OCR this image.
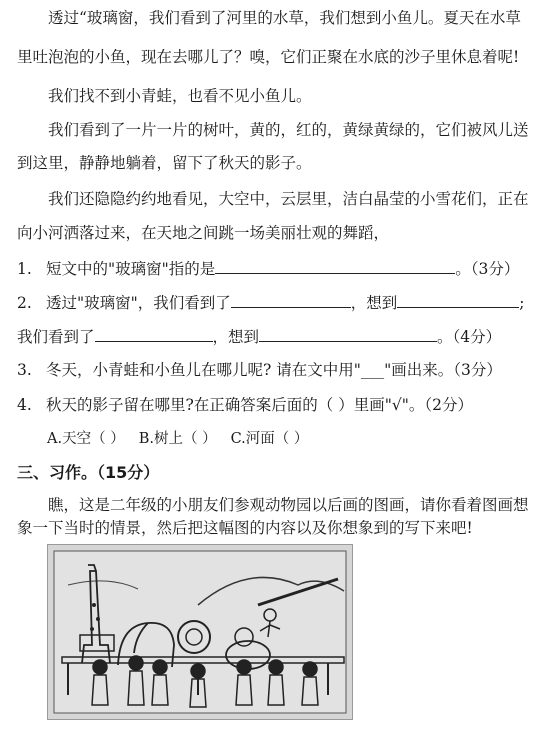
透过“玻璃窗，我们看到了河里的水草，我们想到小鱼儿。夏天在水草
里吐泡泡的小鱼，现在去哪儿了？嗅，它们正聚在水底的沙子里休息着呢!
我们找不到小青蛙，也看不见小鱼儿。
我们看到了一片一片的树叶，黄的，红的，黄绿黄绿的，它们被风儿送
到这里，静静地躺着，留下了秋天的影子。
我们还隐隐约约地看见，大空中，云层里，洁白晶莹的小雪花们，正在
向小河洒落过来，在天地之间跳一场美丽壮观的舞蹈，
1. 短文中的"玻璃窗"指的是	。（3分）
2. 透过"玻璃窗"，我们看到了	，想到	;
我们看到了	，想到	。（4分）
3. 冬天，小青蛙和小鱼儿在哪儿呢? 请在文中用"___"画出来。（3分）
4. 秋天的影子留在哪里?在正确答案后面的（ ）里画"√"。（2分）
A.天空（ ） B.树上（ ） C.河面（ ）
三、习作。（15分）
瞧，这是二年级的小朋友们参观动物园以后画的图画，请你看着图画想
象一下当时的情景，然后把这幅图的内容以及你想象到的写下来吧!
